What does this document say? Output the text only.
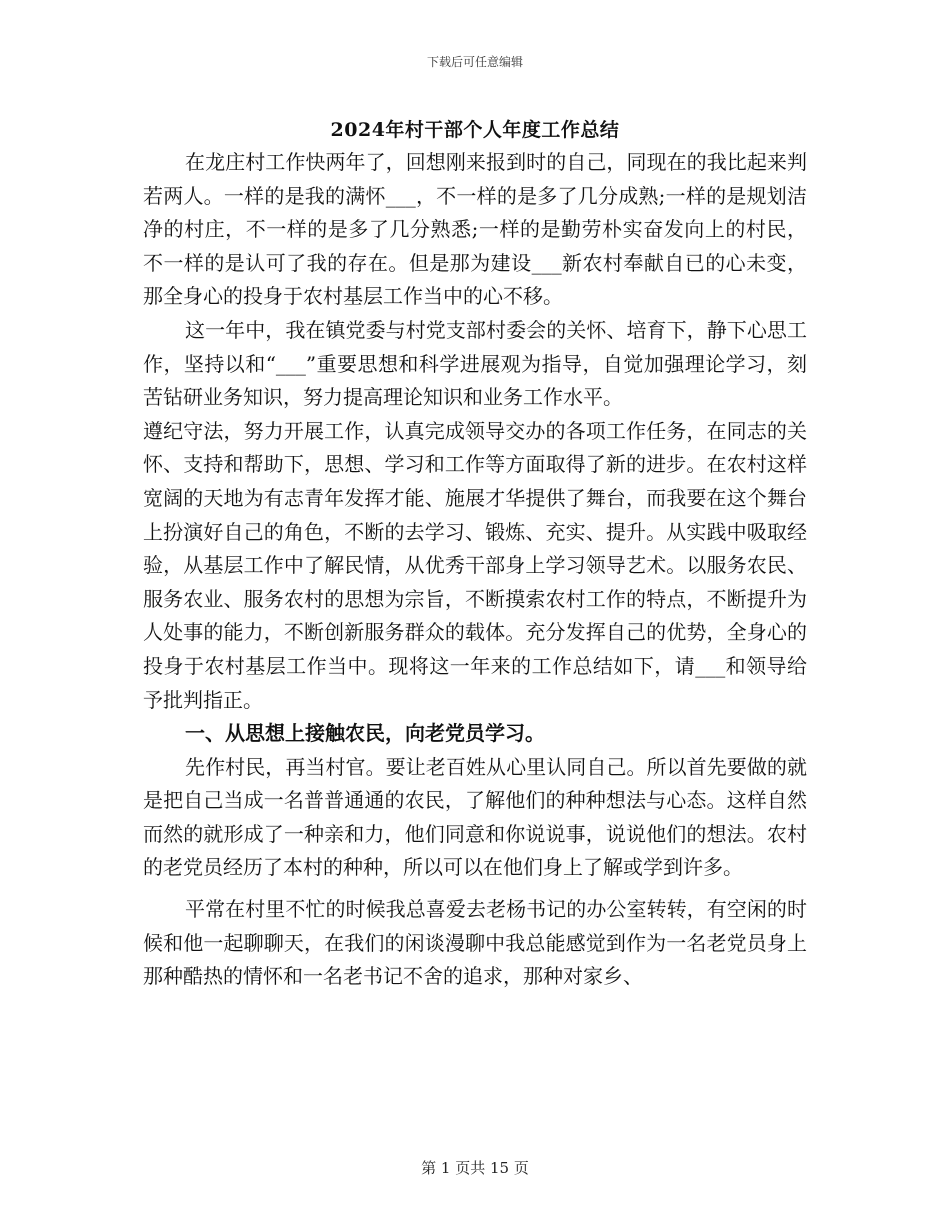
下载后可任意编辑
2024年村干部个人年度工作总结

在龙庄村工作快两年了，回想刚来报到时的自己，同现在的我比起来判若两人。一样的是我的满怀___，不一样的是多了几分成熟;一样的是规划洁净的村庄，不一样的是多了几分熟悉;一样的是勤劳朴实奋发向上的村民，不一样的是认可了我的存在。但是那为建设___新农村奉献自已的心未变，那全身心的投身于农村基层工作当中的心不移。

这一年中，我在镇党委与村党支部村委会的关怀、培育下，静下心思工作，坚持以和“___”重要思想和科学进展观为指导，自觉加强理论学习，刻苦钻研业务知识，努力提高理论知识和业务工作水平。

遵纪守法，努力开展工作，认真完成领导交办的各项工作任务，在同志的关怀、支持和帮助下，思想、学习和工作等方面取得了新的进步。在农村这样宽阔的天地为有志青年发挥才能、施展才华提供了舞台，而我要在这个舞台上扮演好自己的角色，不断的去学习、锻炼、充实、提升。从实践中吸取经验，从基层工作中了解民情，从优秀干部身上学习领导艺术。以服务农民、服务农业、服务农村的思想为宗旨，不断摸索农村工作的特点，不断提升为人处事的能力，不断创新服务群众的载体。充分发挥自己的优势，全身心的投身于农村基层工作当中。现将这一年来的工作总结如下，请___和领导给予批判指正。

一、从思想上接触农民，向老党员学习。

先作村民，再当村官。要让老百姓从心里认同自己。所以首先要做的就是把自己当成一名普普通通的农民，了解他们的种种想法与心态。这样自然而然的就形成了一种亲和力，他们同意和你说说事，说说他们的想法。农村的老党员经历了本村的种种，所以可以在他们身上了解或学到许多。

平常在村里不忙的时候我总喜爱去老杨书记的办公室转转，有空闲的时候和他一起聊聊天，在我们的闲谈漫聊中我总能感觉到作为一名老党员身上那种酷热的情怀和一名老书记不舍的追求，那种对家乡、

第 1 页共 15 页
